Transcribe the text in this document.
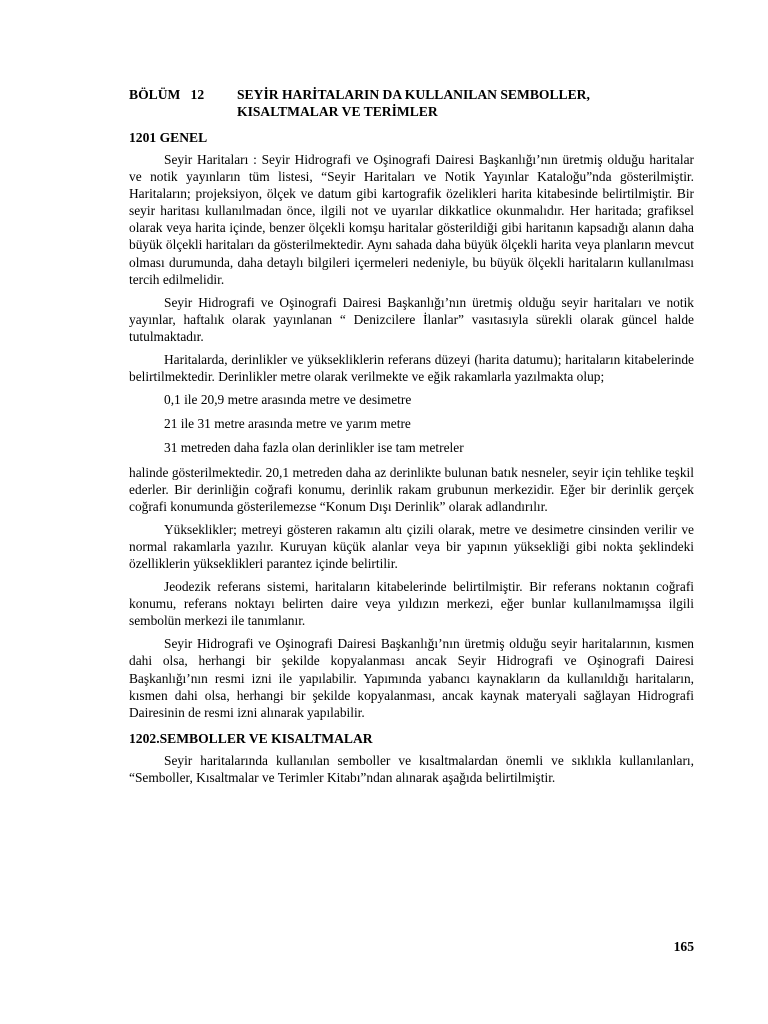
BÖLÜM   12	SEYİR HARİTALARIN DA KULLANILAN SEMBOLLER, KISALTMALAR VE TERİMLER
1201 GENEL

Seyir Haritaları : Seyir Hidrografi ve Oşinografi Dairesi Başkanlığı’nın üretmiş olduğu haritalar ve notik yayınların tüm listesi, “Seyir Haritaları ve Notik Yayınlar Kataloğu”nda gösterilmiştir. Haritaların; projeksiyon, ölçek ve datum gibi kartografik özelikleri harita kitabesinde belirtilmiştir. Bir seyir haritası kullanılmadan önce, ilgili not ve uyarılar dikkatlice okunmalıdır. Her haritada; grafiksel olarak veya harita içinde, benzer ölçekli komşu haritalar gösterildiği gibi haritanın kapsadığı alanın daha büyük ölçekli haritaları da gösterilmektedir. Aynı sahada daha büyük ölçekli harita veya planların mevcut olması durumunda, daha detaylı bilgileri içermeleri nedeniyle, bu büyük ölçekli haritaların kullanılması tercih edilmelidir.

Seyir Hidrografi ve Oşinografi Dairesi Başkanlığı’nın üretmiş olduğu seyir haritaları ve notik yayınlar, haftalık olarak yayınlanan “ Denizcilere İlanlar” vasıtasıyla sürekli olarak güncel halde tutulmaktadır.

Haritalarda, derinlikler ve yüksekliklerin referans düzeyi (harita datumu); haritaların kitabelerinde belirtilmektedir. Derinlikler metre olarak verilmekte ve eğik rakamlarla yazılmakta olup;

0,1 ile 20,9 metre arasında metre ve desimetre
21 ile 31 metre arasında metre ve yarım metre
31 metreden daha fazla olan derinlikler ise tam metreler

halinde gösterilmektedir. 20,1 metreden daha az derinlikte bulunan batık nesneler, seyir için tehlike teşkil ederler. Bir derinliğin coğrafi konumu, derinlik rakam grubunun merkezidir. Eğer bir derinlik gerçek coğrafi konumunda gösterilemezse “Konum Dışı Derinlik” olarak adlandırılır.

Yükseklikler; metreyi gösteren rakamın altı çizili olarak, metre ve desimetre cinsinden verilir ve normal rakamlarla yazılır. Kuruyan küçük alanlar veya bir yapının yüksekliği gibi nokta şeklindeki özelliklerin yükseklikleri parantez içinde belirtilir.

Jeodezik referans sistemi, haritaların kitabelerinde belirtilmiştir. Bir referans noktanın coğrafi konumu, referans noktayı belirten daire veya yıldızın merkezi, eğer bunlar kullanılmamışsa ilgili sembolün merkezi ile tanımlanır.

Seyir Hidrografi ve Oşinografi Dairesi Başkanlığı’nın üretmiş olduğu seyir haritalarının, kısmen dahi olsa, herhangi bir şekilde kopyalanması ancak Seyir Hidrografi ve Oşinografi Dairesi Başkanlığı’nın resmi izni ile yapılabilir. Yapımında yabancı kaynakların da kullanıldığı haritaların, kısmen dahi olsa, herhangi bir şekilde kopyalanması, ancak kaynak materyali sağlayan Hidrografi Dairesinin de resmi izni alınarak yapılabilir.

1202.SEMBOLLER VE KISALTMALAR

Seyir haritalarında kullanılan semboller ve kısaltmalardan önemli ve sıklıkla kullanılanları, “Semboller, Kısaltmalar ve Terimler Kitabı”ndan alınarak aşağıda belirtilmiştir.

165
